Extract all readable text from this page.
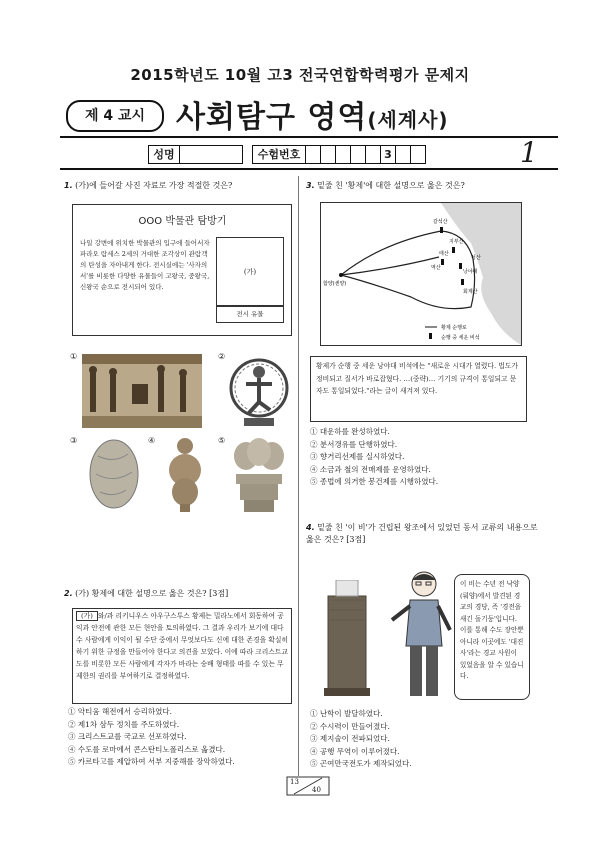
2015학년도 10월 고3 전국연합학력평가 문제지
제 4 교시	사회탐구 영역(세계사)
성명	수험번호	3	1
1. (가)에 들어갈 사진 자료로 가장 적절한 것은?
OOO 박물관 탐방기
나일 강변에 위치한 박물관의 입구에 들어서자 파라오 람세스 2세의 거대한 조각상이 관람객의 탄성을 자아내게 한다. 전시실에는 '사자의 서'를 비롯한 다양한 유물들이 고왕국, 중왕국, 신왕국 순으로 전시되어 있다.
(가)
전시 유물
①	②
③	④	⑤
2. (가) 황제에 대한 설명으로 옳은 것은? [3점]
(가) 와/과 리키니우스 아우구스투스 황제는 밀라노에서 회동하여 공익과 안전에 관한 모든 현안을 토의하였다. 그 결과 우리가 보기에 대다수 사람에게 이익이 될 수단 중에서 무엇보다도 신에 대한 존경을 확실히 하기 위한 규정을 만들어야 한다고 의견을 모았다. 이에 따라 크리스트교도를 비롯한 모든 사람에게 각자가 바라는 숭배 형태를 따를 수 있는 무제한의 권리를 부여하기로 결정하였다.
① 악티움 해전에서 승리하였다.
② 제1차 삼두 정치를 주도하였다.
③ 크리스트교를 국교로 선포하였다.
④ 수도를 로마에서 콘스탄티노폴리스로 옮겼다.
⑤ 카르타고를 제압하여 서부 지중해를 장악하였다.
3. 밑줄 친 '황제'에 대한 설명으로 옳은 것은?
갈석산
지부산
낭야대
회계산
함양(셴양)
태산
역산
성산
황제 순행로
순행 중 세운 비석
황제가 순행 중 세운 낭야대 비석에는 "새로운 시대가 열렸다. 법도가 정비되고 질서가 바로잡혔다. …(중략)… 기기의 규격이 통일되고 문자도 통일되었다."라는 글이 새겨져 있다.
① 대운하를 완성하였다.
② 분서갱유를 단행하였다.
③ 향거리선제를 실시하였다.
④ 소금과 철의 전매제를 운영하였다.
⑤ 종법에 의거한 봉건제를 시행하였다.
4. 밑줄 친 '이 비'가 건립된 왕조에서 있었던 동서 교류의 내용으로 옳은 것은? [3점]
이 비는 수년 전 낙양(뤄양)에서 발견된 경교의 경당, 즉 '경전을 새긴 돌기둥'입니다. 이를 통해 수도 장안뿐 아니라 이곳에도 '대진사'라는 경교 사원이 있었음을 알 수 있습니다.
① 난학이 발달하였다.
② 수시력이 만들어졌다.
③ 제지술이 전파되었다.
④ 공행 무역이 이루어졌다.
⑤ 곤여만국전도가 제작되었다.
13
40
